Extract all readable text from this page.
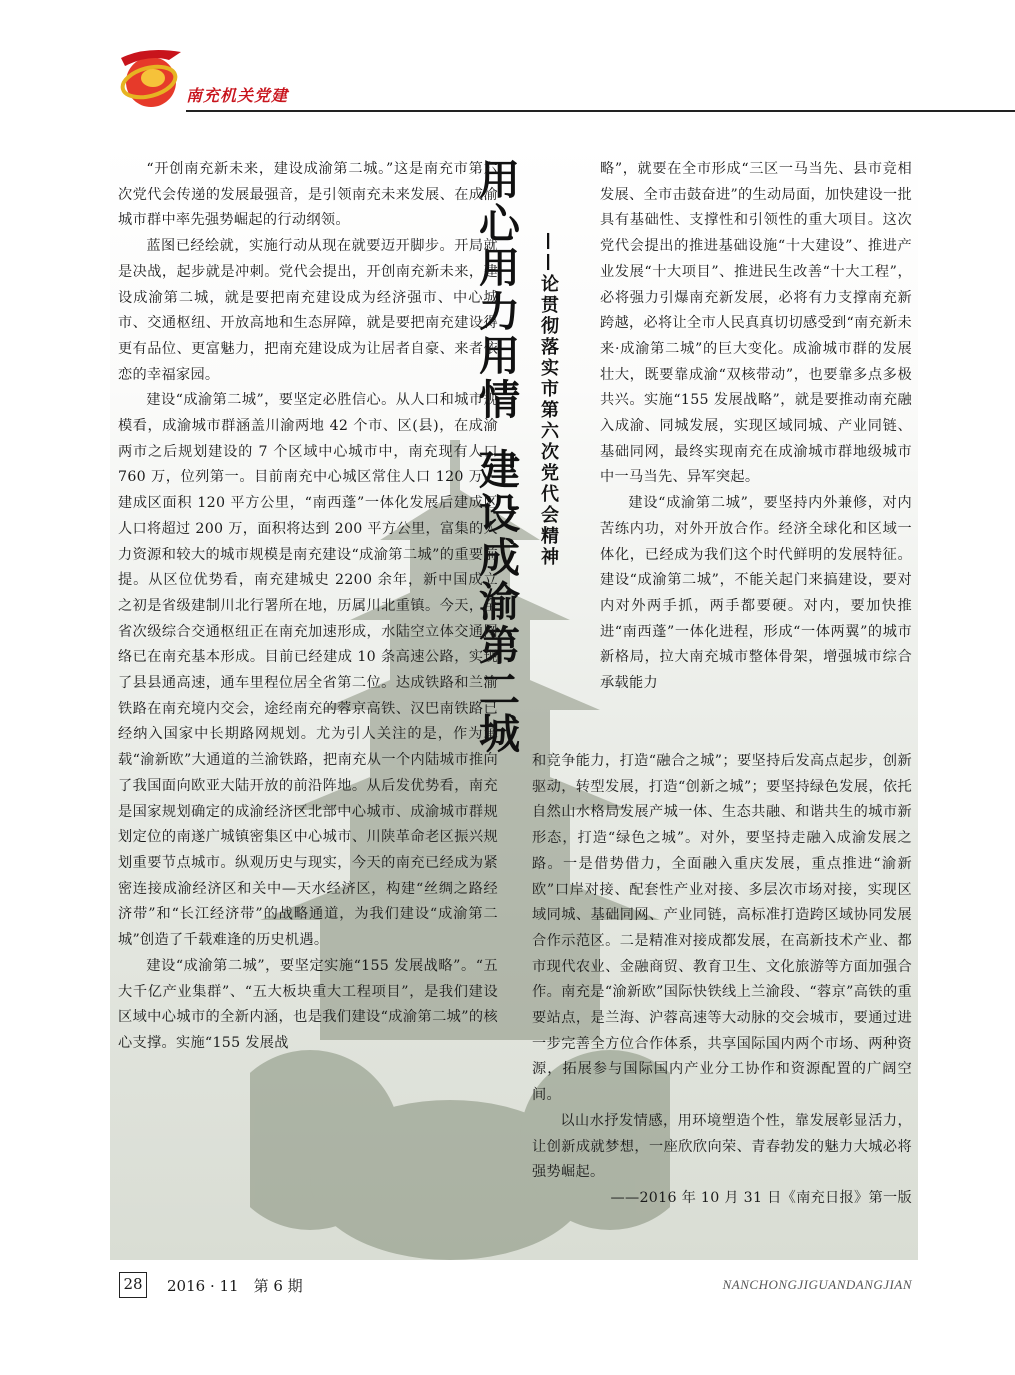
南充机关党建
用心用力用情建设成渝第二城
——论贯彻落实市第六次党代会精神

“开创南充新未来，建设成渝第二城。”这是南充市第六次党代会传递的发展最强音，是引领南充未来发展、在成渝城市群中率先强势崛起的行动纲领。

蓝图已经绘就，实施行动从现在就要迈开脚步。开局就是决战，起步就是冲刺。党代会提出，开创南充新未来，建设成渝第二城，就是要把南充建设成为经济强市、中心城市、交通枢纽、开放高地和生态屏障，就是要把南充建设得更有品位、更富魅力，把南充建设成为让居者自豪、来者依恋的幸福家园。

建设“成渝第二城”，要坚定必胜信心。从人口和城市规模看，成渝城市群涵盖川渝两地 42 个市、区(县)，在成渝两市之后规划建设的 7 个区域中心城市中，南充现有人口 760 万，位列第一。目前南充中心城区常住人口 120 万、建成区面积 120 平方公里，“南西蓬”一体化发展后建成区人口将超过 200 万，面积将达到 200 平方公里，富集的人力资源和较大的城市规模是南充建设“成渝第二城”的重要前提。从区位优势看，南充建城史 2200 余年，新中国成立之初是省级建制川北行署所在地，历属川北重镇。今天，全省次级综合交通枢纽正在南充加速形成，水陆空立体交通网络已在南充基本形成。目前已经建成 10 条高速公路，实现了县县通高速，通车里程位居全省第二位。达成铁路和兰渝铁路在南充境内交会，途经南充的蓉京高铁、汉巴南铁路已经纳入国家中长期路网规划。尤为引人关注的是，作为承载“渝新欧”大通道的兰渝铁路，把南充从一个内陆城市推向了我国面向欧亚大陆开放的前沿阵地。从后发优势看，南充是国家规划确定的成渝经济区北部中心城市、成渝城市群规划定位的南遂广城镇密集区中心城市、川陕革命老区振兴规划重要节点城市。纵观历史与现实，今天的南充已经成为紧密连接成渝经济区和关中—天水经济区，构建“丝绸之路经济带”和“长江经济带”的战略通道，为我们建设“成渝第二城”创造了千载难逢的历史机遇。

建设“成渝第二城”，要坚定实施“155 发展战略”。“五大千亿产业集群”、“五大板块重大工程项目”，是我们建设区域中心城市的全新内涵，也是我们建设“成渝第二城”的核心支撑。实施“155 发展战

略”，就要在全市形成“三区一马当先、县市竞相发展、全市击鼓奋进”的生动局面，加快建设一批具有基础性、支撑性和引领性的重大项目。这次党代会提出的推进基础设施“十大建设”、推进产业发展“十大项目”、推进民生改善“十大工程”，必将强力引爆南充新发展，必将有力支撑南充新跨越，必将让全市人民真真切切感受到“南充新未来·成渝第二城”的巨大变化。成渝城市群的发展壮大，既要靠成渝“双核带动”，也要靠多点多极共兴。实施“155 发展战略”，就是要推动南充融入成渝、同城发展，实现区域同城、产业同链、基础同网，最终实现南充在成渝城市群地级城市中一马当先、异军突起。

建设“成渝第二城”，要坚持内外兼修，对内苦练内功，对外开放合作。经济全球化和区域一体化，已经成为我们这个时代鲜明的发展特征。建设“成渝第二城”，不能关起门来搞建设，要对内对外两手抓，两手都要硬。对内，要加快推进“南西蓬”一体化进程，形成“一体两翼”的城市新格局，拉大南充城市整体骨架，增强城市综合承载能力

和竞争能力，打造“融合之城”；要坚持后发高点起步，创新驱动，转型发展，打造“创新之城”；要坚持绿色发展，依托自然山水格局发展产城一体、生态共融、和谐共生的城市新形态，打造“绿色之城”。对外，要坚持走融入成渝发展之路。一是借势借力，全面融入重庆发展，重点推进“渝新欧”口岸对接、配套性产业对接、多层次市场对接，实现区域同城、基础同网、产业同链，高标准打造跨区域协同发展合作示范区。二是精准对接成都发展，在高新技术产业、都市现代农业、金融商贸、教育卫生、文化旅游等方面加强合作。南充是“渝新欧”国际快铁线上兰渝段、“蓉京”高铁的重要站点，是兰海、沪蓉高速等大动脉的交会城市，要通过进一步完善全方位合作体系，共享国际国内两个市场、两种资源，拓展参与国际国内产业分工协作和资源配置的广阔空间。

以山水抒发情感，用环境塑造个性，靠发展彰显活力，让创新成就梦想，一座欣欣向荣、青春勃发的魅力大城必将强势崛起。

——2016 年 10 月 31 日《南充日报》第一版

28 2016 · 11　第 6 期	NANCHONGJIGUANDANGJIAN
